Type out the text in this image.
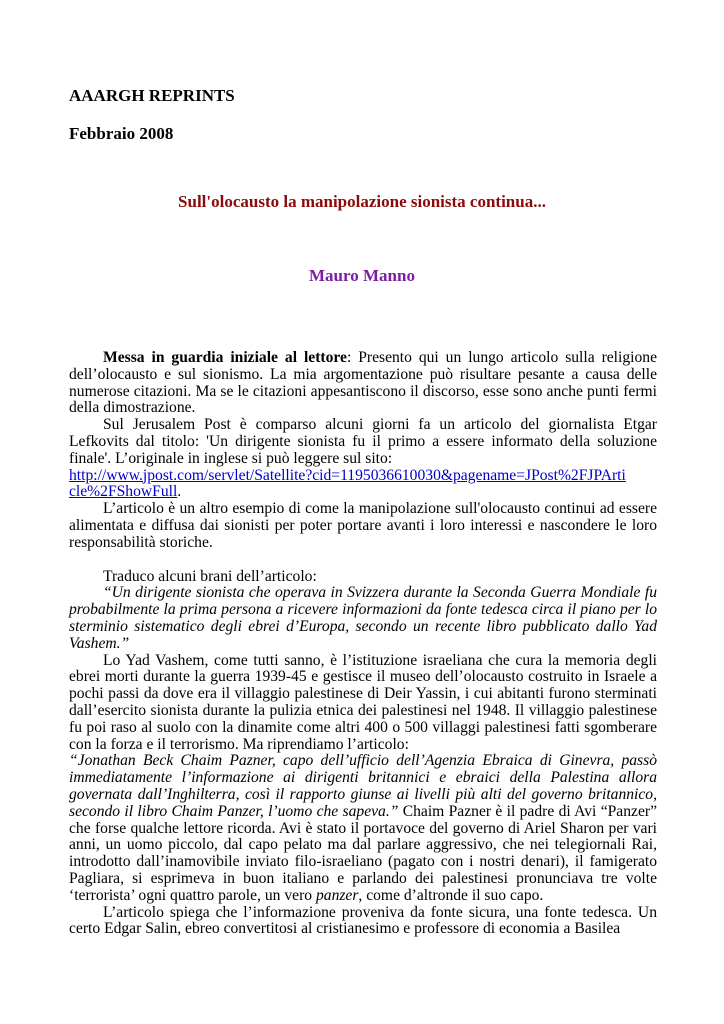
AAARGH REPRINTS
Febbraio 2008
Sull'olocausto la manipolazione sionista continua...
Mauro Manno

Messa in guardia iniziale al lettore: Presento qui un lungo articolo sulla religione dell’olocausto e sul sionismo. La mia argomentazione può risultare pesante a causa delle numerose citazioni. Ma se le citazioni appesantiscono il discorso, esse sono anche punti fermi della dimostrazione.

Sul Jerusalem Post è comparso alcuni giorni fa un articolo del giornalista Etgar Lefkovits dal titolo: 'Un dirigente sionista fu il primo a essere informato della soluzione finale'. L’originale in inglese si può leggere sul sito:

http://www.jpost.com/servlet/Satellite?cid=1195036610030&pagename=JPost%2FJPArti
cle%2FShowFull.

L’articolo è un altro esempio di come la manipolazione sull'olocausto continui ad essere alimentata e diffusa dai sionisti per poter portare avanti i loro interessi e nascondere le loro responsabilità storiche.

Traduco alcuni brani dell’articolo:

“Un dirigente sionista che operava in Svizzera durante la Seconda Guerra Mondiale fu probabilmente la prima persona a ricevere informazioni da fonte tedesca circa il piano per lo sterminio sistematico degli ebrei d’Europa, secondo un recente libro pubblicato dallo Yad Vashem.”

Lo Yad Vashem, come tutti sanno, è l’istituzione israeliana che cura la memoria degli ebrei morti durante la guerra 1939-45 e gestisce il museo dell’olocausto costruito in Israele a pochi passi da dove era il villaggio palestinese di Deir Yassin, i cui abitanti furono sterminati dall’esercito sionista durante la pulizia etnica dei palestinesi nel 1948. Il villaggio palestinese fu poi raso al suolo con la dinamite come altri 400 o 500 villaggi palestinesi fatti sgomberare con la forza e il terrorismo. Ma riprendiamo l’articolo:

“Jonathan Beck Chaim Pazner, capo dell’ufficio dell’Agenzia Ebraica di Ginevra, passò immediatamente l’informazione ai dirigenti britannici e ebraici della Palestina allora governata dall’Inghilterra, così il rapporto giunse ai livelli più alti del governo britannico, secondo il libro Chaim Panzer, l’uomo che sapeva.” Chaim Pazner è il padre di Avi “Panzer” che forse qualche lettore ricorda. Avi è stato il portavoce del governo di Ariel Sharon per vari anni, un uomo piccolo, dal capo pelato ma dal parlare aggressivo, che nei telegiornali Rai, introdotto dall’inamovibile inviato filo-israeliano (pagato con i nostri denari), il famigerato Pagliara, si esprimeva in buon italiano e parlando dei palestinesi pronunciava tre volte ‘terrorista’ ogni quattro parole, un vero panzer, come d’altronde il suo capo.

L’articolo spiega che l’informazione proveniva da fonte sicura, una fonte tedesca. Un certo Edgar Salin, ebreo convertitosi al cristianesimo e professore di economia a Basilea
